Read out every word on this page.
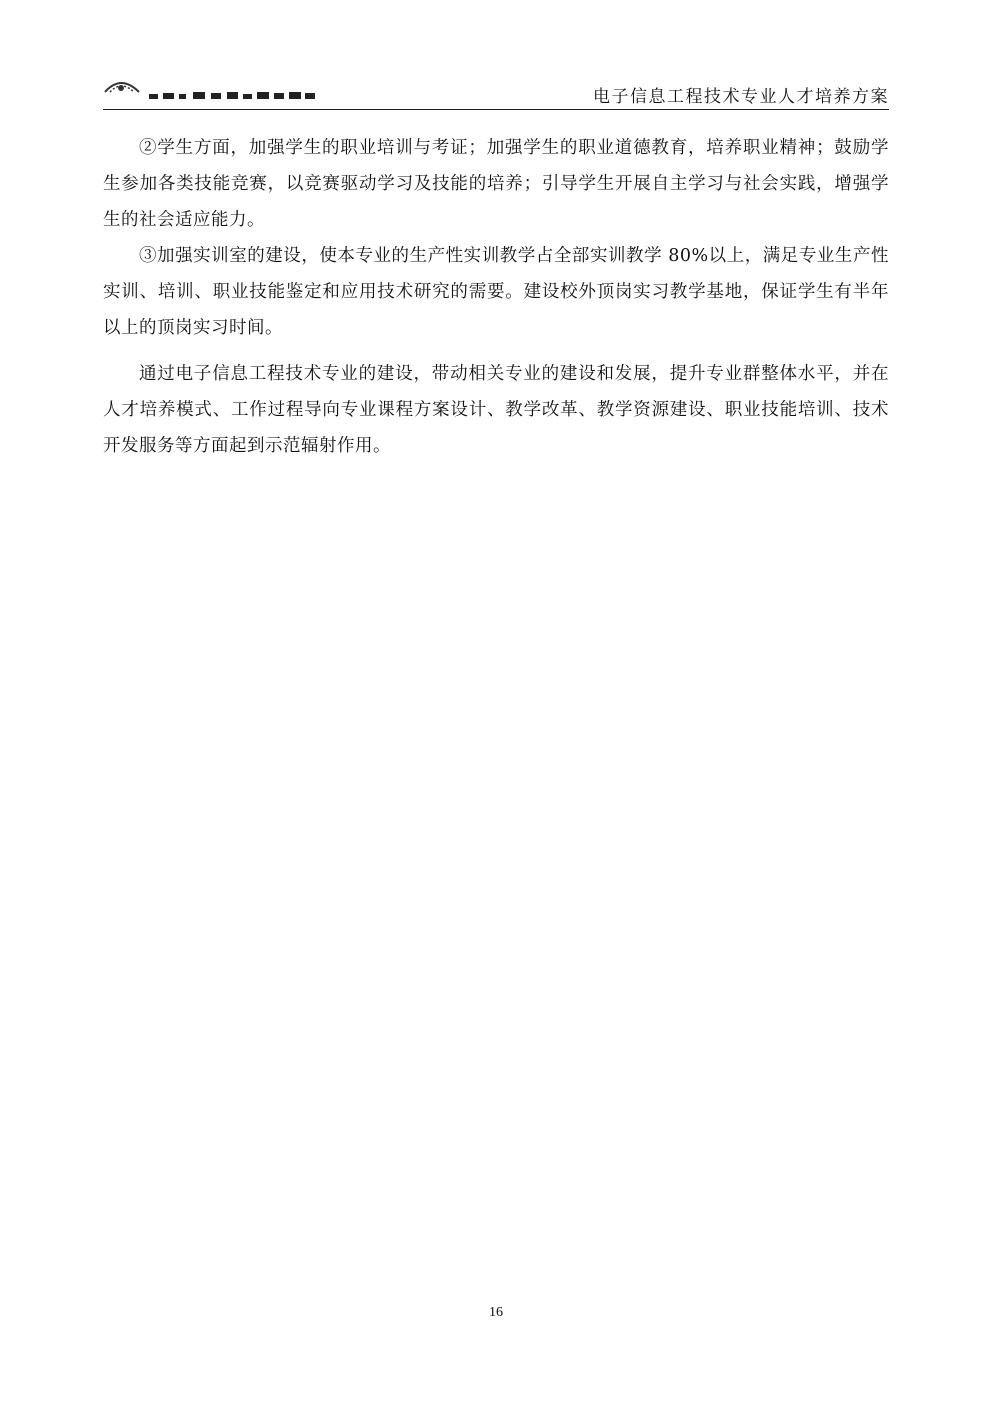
电子信息工程技术专业人才培养方案

②学生方面，加强学生的职业培训与考证；加强学生的职业道德教育，培养职业精神；鼓励学生参加各类技能竞赛，以竞赛驱动学习及技能的培养；引导学生开展自主学习与社会实践，增强学生的社会适应能力。

③加强实训室的建设，使本专业的生产性实训教学占全部实训教学 80%以上，满足专业生产性实训、培训、职业技能鉴定和应用技术研究的需要。建设校外顶岗实习教学基地，保证学生有半年以上的顶岗实习时间。

通过电子信息工程技术专业的建设，带动相关专业的建设和发展，提升专业群整体水平，并在人才培养模式、工作过程导向专业课程方案设计、教学改革、教学资源建设、职业技能培训、技术开发服务等方面起到示范辐射作用。

16
